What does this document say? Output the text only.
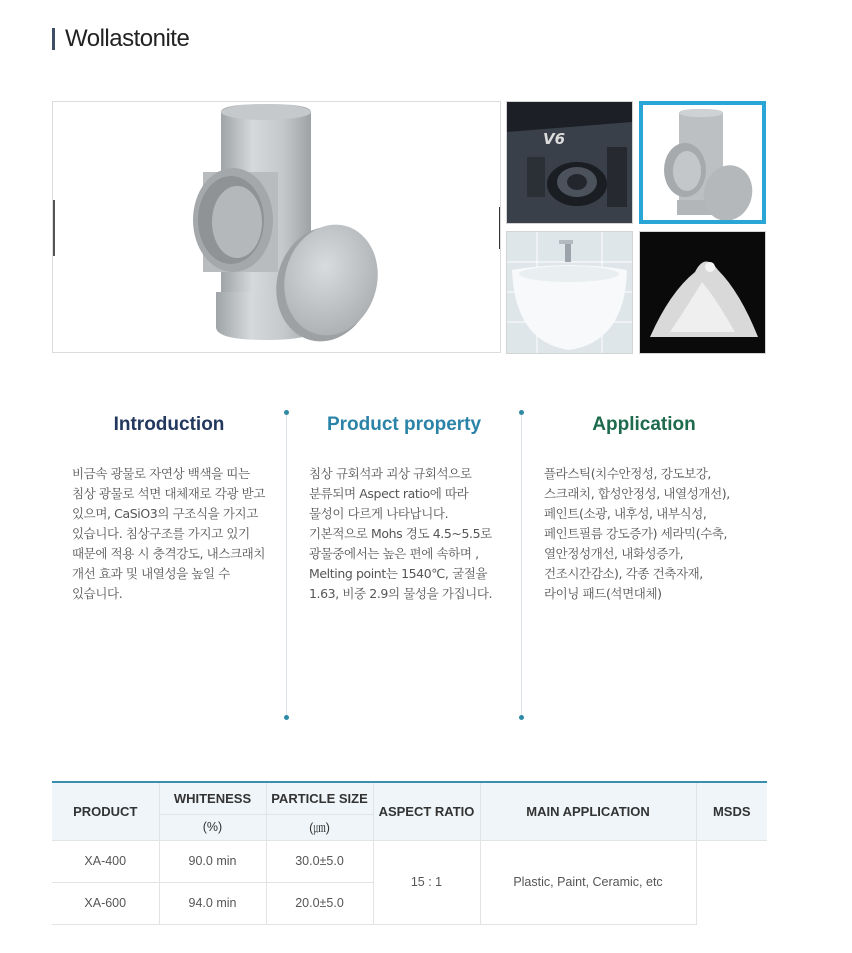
Wollastonite
V6
Introduction
비금속 광물로 자연상 백색을 띠는 침상 광물로 석면 대체재로 각광 받고 있으며, CaSiO3의 구조식을 가지고 있습니다. 침상구조를 가지고 있기 때문에 적용 시 충격강도, 내스크래치 개선 효과 및 내열성을 높일 수 있습니다.
Product property
침상 규회석과 괴상 규회석으로 분류되며 Aspect ratio에 따라 물성이 다르게 나타납니다. 기본적으로 Mohs 경도 4.5~5.5로 광물중에서는 높은 편에 속하며 , Melting point는 1540℃, 굴절율 1.63, 비중 2.9의 물성을 가집니다.
Application
플라스틱(치수안정성, 강도보강, 스크래치, 합성안정성, 내열성개선), 페인트(소광, 내후성, 내부식성, 페인트필름 강도증가) 세라믹(수축, 열안정성개선, 내화성증가, 건조시간감소), 각종 건축자재, 라이닝 패드(석면대체)
PRODUCT	WHITENESS	PARTICLE SIZE	ASPECT RATIO	MAIN APPLICATION	MSDS
	(%)	(㎛)			
XA-400	90.0 min	30.0±5.0	15 : 1	Plastic, Paint, Ceramic, etc	
XA-600	94.0 min	20.0±5.0			
